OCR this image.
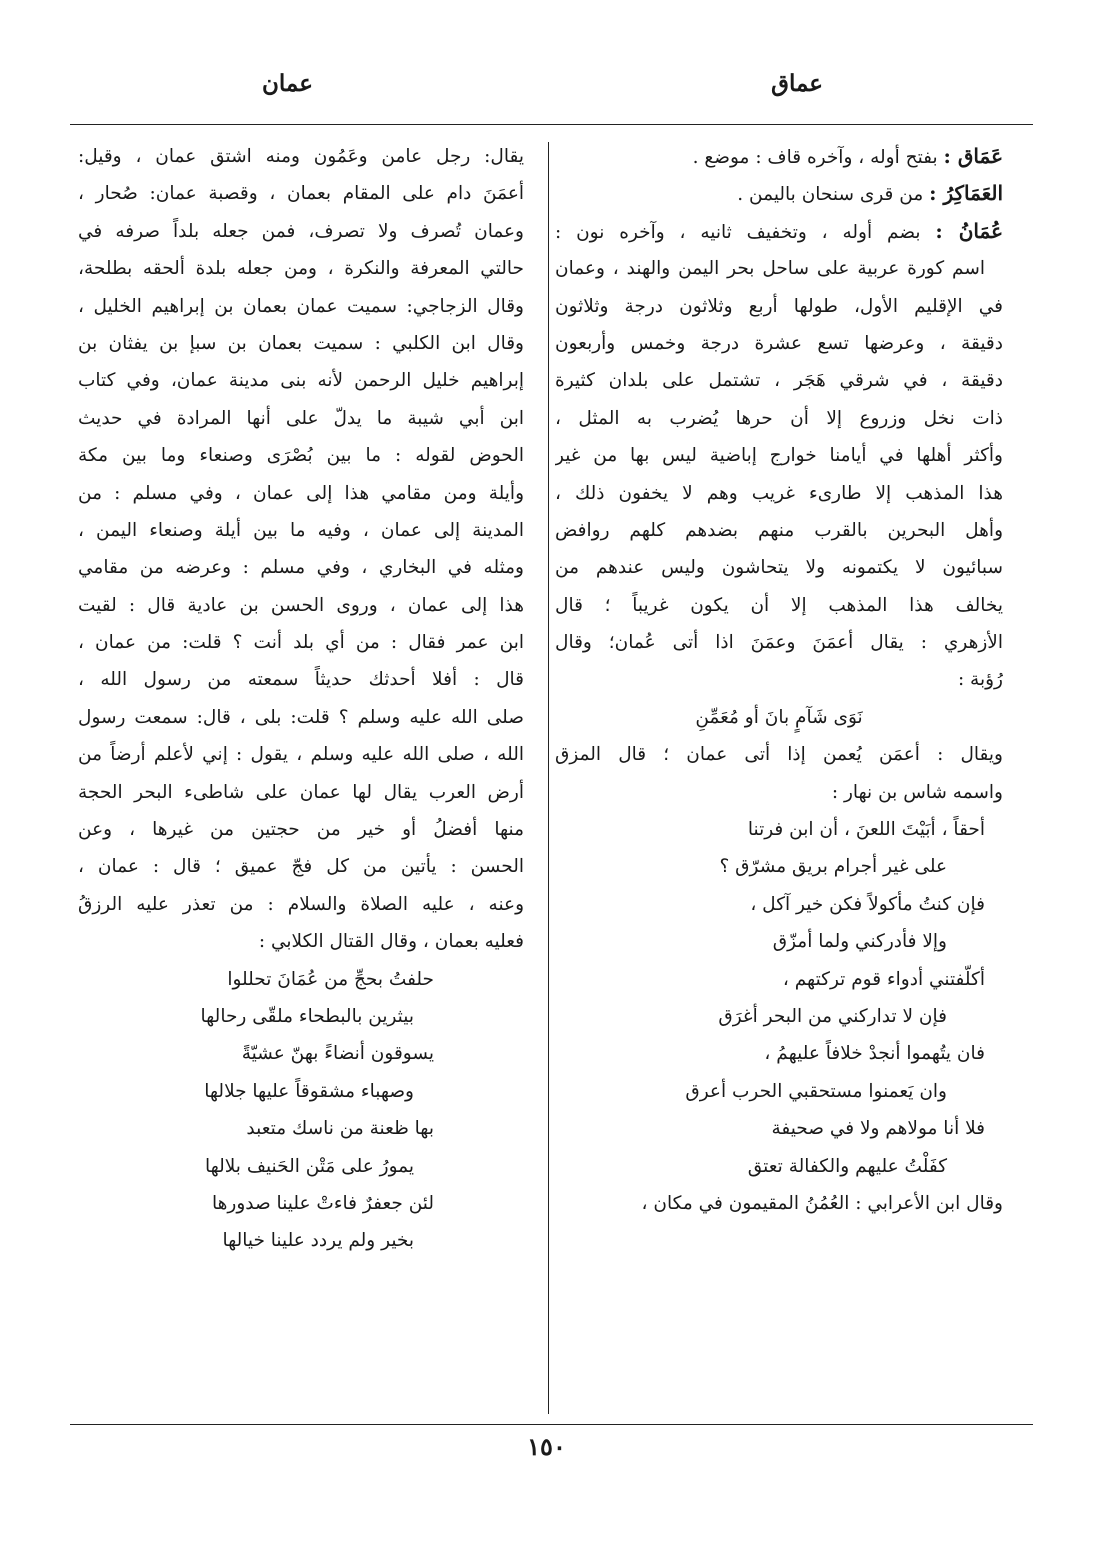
عماق
عمان
عَمَاق : بفتح أوله ، وآخره قاف : موضع .
العَمَاكِرُ : من قرى سنحان باليمن .
عُمَانُ : بضم أوله ، وتخفيف ثانيه ، وآخره نون :
اسم كورة عربية على ساحل بحر اليمن والهند ، وعمان
في الإقليم الأول، طولها أربع وثلاثون درجة وثلاثون
دقيقة ، وعرضها تسع عشرة درجة وخمس وأربعون
دقيقة ، في شرقي هَجَر ، تشتمل على بلدان كثيرة
ذات نخل وزروع إلا أن حرها يُضرب به المثل ،
وأكثر أهلها في أيامنا خوارج إباضية ليس بها من غير
هذا المذهب إلا طارىء غريب وهم لا يخفون ذلك ،
وأهل البحرين بالقرب منهم بضدهم كلهم روافض
سبائيون لا يكتمونه ولا يتحاشون وليس عندهم من
يخالف هذا المذهب إلا أن يكون غريباً ؛ قال
الأزهري : يقال أعمَنَ وعمَنَ اذا أتى عُمان؛ وقال
رُؤبة :
نَوَى شَآمٍ بانَ أو مُعَمِّنِ
ويقال : أعمَن يُعمن إذا أتى عمان ؛ قال المزق
واسمه شاس بن نهار :
أحقاً ، أبَيْتَ اللعنَ ، أن ابن فرتنا
على غير أجرام بريق مشرّق ؟
فإن كنتُ مأكولاً فكن خير آكل ،
وإلا فأدركني ولما أمزّق
أكلّفتني أدواء قوم تركتهم ،
فإن لا تداركني من البحر أغرَق
فان يتُهموا أنجدْ خلافاً عليهمُ ،
وان يَعمنوا مستحقبي الحرب أعرق
فلا أنا مولاهم ولا في صحيفة
كفَلْتُ عليهم والكفالة تعتق
وقال ابن الأعرابي : العُمُنُ المقيمون في مكان ،
يقال: رجل عامن وعَمُون ومنه اشتق عمان ، وقيل:
أعمَنَ دام على المقام بعمان ، وقصبة عمان: صُحار ،
وعمان تُصرف ولا تصرف، فمن جعله بلداً صرفه في
حالتي المعرفة والنكرة ، ومن جعله بلدة ألحقه بطلحة،
وقال الزجاجي: سميت عمان بعمان بن إبراهيم الخليل ،
وقال ابن الكلبي : سميت بعمان بن سبإ بن يفثان بن
إبراهيم خليل الرحمن لأنه بنى مدينة عمان، وفي كتاب
ابن أبي شيبة ما يدلّ على أنها المرادة في حديث
الحوض لقوله : ما بين بُصْرَى وصنعاء وما بين مكة
وأيلة ومن مقامي هذا إلى عمان ، وفي مسلم : من
المدينة إلى عمان ، وفيه ما بين أيلة وصنعاء اليمن ،
ومثله في البخاري ، وفي مسلم : وعرضه من مقامي
هذا إلى عمان ، وروى الحسن بن عادية قال : لقيت
ابن عمر فقال : من أي بلد أنت ؟ قلت: من عمان ،
قال : أفلا أحدثك حديثاً سمعته من رسول الله ،
صلى الله عليه وسلم ؟ قلت: بلى ، قال: سمعت رسول
الله ، صلى الله عليه وسلم ، يقول : إني لأعلم أرضاً من
أرض العرب يقال لها عمان على شاطىء البحر الحجة
منها أفضلُ أو خير من حجتين من غيرها ، وعن
الحسن : يأتين من كل فجّ عميق ؛ قال : عمان ،
وعنه ، عليه الصلاة والسلام : من تعذر عليه الرزقُ
فعليه بعمان ، وقال القتال الكلابي :
حلفتُ بحجِّ من عُمَانَ تحللوا
بيثرين بالبطحاء ملقّى رحالها
يسوقون أنضاءً بهنّ عشيّةً
وصهباء مشقوقاً عليها جلالها
بها ظعنة من ناسك متعبد
يمورُ على مَتْن الحَنيف بلالها
لئن جعفرٌ فاءتْ علينا صدورها
بخير ولم يردد علينا خيالها
١٥٠
